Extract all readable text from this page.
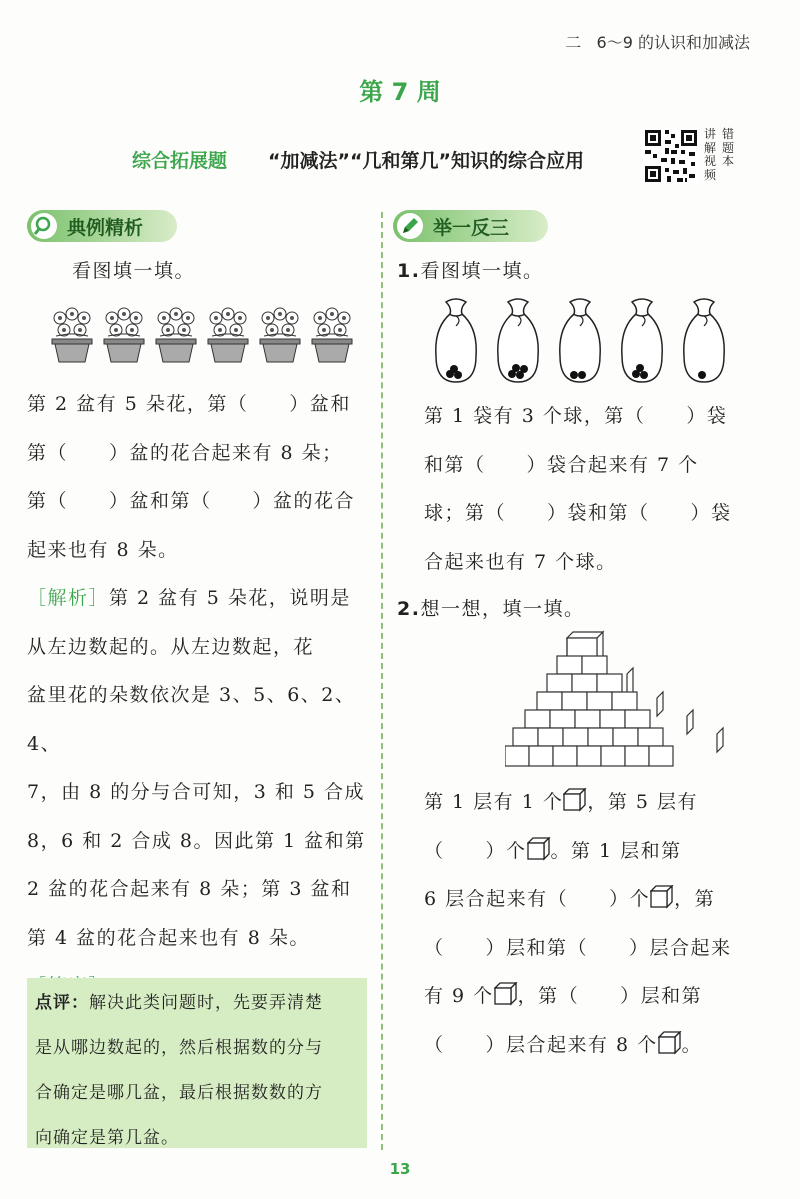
二   6～9 的认识和加减法
第 7 周
综合拓展题 “加减法”“几和第几”知识的综合应用
讲解视频
错题本
典例精析
看图填一填。

第 2 盆有 5 朵花，第（　　）盆和

第（　　）盆的花合起来有 8 朵；

第（　　）盆和第（　　）盆的花合

起来也有 8 朵。

［解析］第 2 盆有 5 朵花，说明是

从左边数起的。从左边数起，花

盆里花的朵数依次是 3、5、6、2、4、

7，由 8 的分与合可知，3 和 5 合成

8，6 和 2 合成 8。因此第 1 盆和第

2 盆的花合起来有 8 朵；第 3 盆和

第 4 盆的花合起来也有 8 朵。

点评：解决此类问题时，先要弄清楚

是从哪边数起的，然后根据数的分与

合确定是哪几盆，最后根据数数的方

向确定是第几盆。

举一反三
1.看图填一填。

第 1 袋有 3 个球，第（　　）袋

和第（　　）袋合起来有 7 个

球；第（　　）袋和第（　　）袋

合起来也有 7 个球。

2.想一想，填一填。

第 1 层有 1 个 ，第 5 层有

（　　）个 。第 1 层和第

6 层合起来有（　　）个 ，第

（　　）层和第（　　）层合起来

有 9 个 ，第（　　）层和第

（　　）层合起来有 8 个 。

13
